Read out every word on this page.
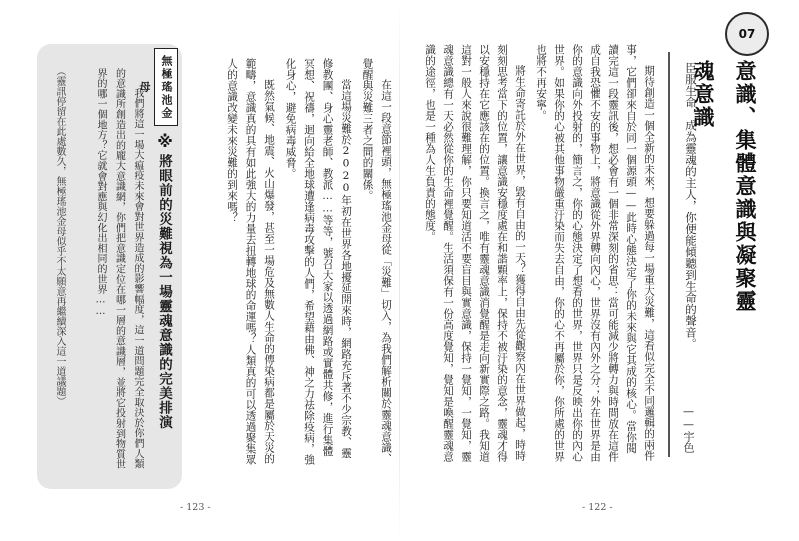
無極瑤池金母
※
將眼前的災難視為一場靈魂意識的完美排演

我們將這一場大瘟疫未來會對世界造成的影響幅度，這一道問題完全取決於你們人類的意識所創造出的龐大意識網，你們把意識定位在哪一層的意識層，並將它投射到物質世界的哪一個地方？它就會對應與幻化出相同的世界……

（靈訊停留在此處數久，無極瑤池金母似乎不太願意再繼續深入這一道議題）	在這一段意節裡頭，無極瑤池金母從「災難」切入，為我們解析關於靈魂意識、覺醒與災難三者之間的關係。

當這場災難於2020年初在世界各地擾延開來時，網路充斥著不少宗教、靈修教團、身心靈老師、教派……等等，號召大家以透過網路或實體共修，進行集體冥想、祝禱，迴向給全地球遭逢病毒攻擊的人們，希望藉由佛、神之力祛除疫病，強化身心，避免病毒威脅。

既然氣候、地震、火山爆發，甚至一場危及無數人生命的傳染病都是屬於天災的範疇，意識真的具有如此強大的力量去扭轉地球的命運嗎？人類真的可以透過聚集眾人的意識改變未來災難的到來嗎？

- 123 -
07
意識、集體意識與凝聚靈魂意識
臣服生命，成為靈魂的主人，你便能傾聽到生命的聲音。
——宇色

期待創造一個全新的未來，想要躲過每一場重大災難，這看似完全不同邏輯的兩件事，它們卻來自於同一個源頭——此時心態決定了你的未來與它其成的核心。當你閱讀完這一段靈訊後，想必會有一個非常深刻的省思：當可能減少將轉力與時間放在這件成自我恐懼不安的事物上，將意識從外界轉向內心，世界沒有內外之分；外在世界是由你的意識向外投射的，簡言之，你的心態決定了想看的世界，世界只是反映出你的內心世界。如果你的心被其他事物嚴重汙染而失去自由，你的心不再屬於你，你所處的世界也將不再安寧。

將生命寄託於外在世界，毀有自由的一天？獲得自由先從觀察內在世界做起，時時刻刻思考當下的位置，讓意識安穩度處在和諧顆率上，保持不被汙染的意念，靈魂才得以安穩持在它應該在的位置。換言之，唯有靈魂意識消覺醒是走向新實際之路。我知道這對一般人來說很難理解，你只要知道活不要盲目與實意識，保持一覺知，一覺知，靈魂意識總有一天必然從你的生命裡覺醒。生活須保有一份高度覺知，覺知是喚醒靈魂意識的途徑，也是一種為人生負責的態度。

- 122 -
